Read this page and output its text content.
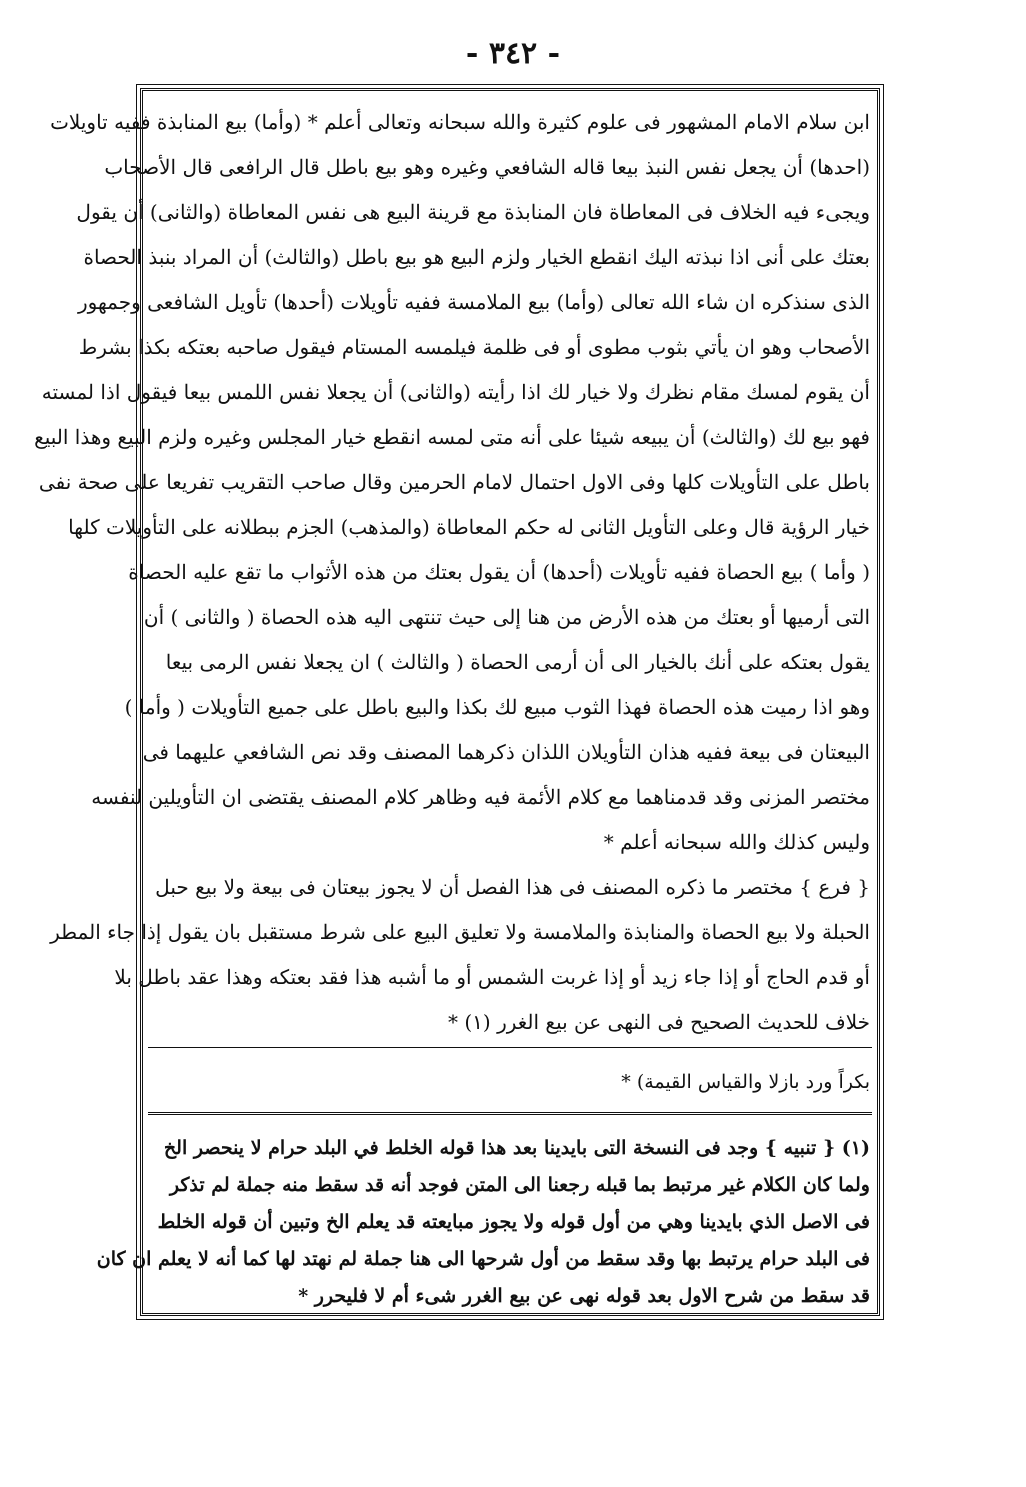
- ٣٤٢ -
ابن سلام الامام المشهور فى علوم كثيرة والله سبحانه وتعالى أعلم * (وأما) بيع المنابذة ففيه تاويلات
(احدها) أن يجعل نفس النبذ بيعا قاله الشافعي وغيره وهو بيع باطل قال الرافعى قال الأصحاب
ويجىء فيه الخلاف فى المعاطاة فان المنابذة مع قرينة البيع هى نفس المعاطاة (والثانى) أن يقول
بعتك على أنى اذا نبذته اليك انقطع الخيار ولزم البيع هو بيع باطل (والثالث) أن المراد بنبذ الحصاة
الذى سنذكره ان شاء الله تعالى (وأما) بيع الملامسة ففيه تأويلات (أحدها) تأويل الشافعى وجمهور
الأصحاب وهو ان يأتي بثوب مطوى أو فى ظلمة فيلمسه المستام فيقول صاحبه بعتكه بكذا بشرط
أن يقوم لمسك مقام نظرك ولا خيار لك اذا رأيته (والثانى) أن يجعلا نفس اللمس بيعا فيقول اذا لمسته
فهو بيع لك (والثالث) أن يبيعه شيئا على أنه متى لمسه انقطع خيار المجلس وغيره ولزم البيع وهذا البيع
باطل على التأويلات كلها وفى الاول احتمال لامام الحرمين وقال صاحب التقريب تفريعا على صحة نفى
خيار الرؤية قال وعلى التأويل الثانى له حكم المعاطاة (والمذهب) الجزم ببطلانه على التأويلات كلها
( وأما ) بيع الحصاة ففيه تأويلات (أحدها) أن يقول بعتك من هذه الأثواب ما تقع عليه الحصاة
التى أرميها أو بعتك من هذه الأرض من هنا إلى حيث تنتهى اليه هذه الحصاة ( والثانى ) أن
يقول بعتكه على أنك بالخيار الى أن أرمى الحصاة ( والثالث ) ان يجعلا نفس الرمى بيعا
وهو اذا رميت هذه الحصاة فهذا الثوب مبيع لك بكذا والبيع باطل على جميع التأويلات ( وأما )
البيعتان فى بيعة ففيه هذان التأويلان اللذان ذكرهما المصنف وقد نص الشافعي عليهما فى
مختصر المزنى وقد قدمناهما مع كلام الأئمة فيه وظاهر كلام المصنف يقتضى ان التأويلين لنفسه
وليس كذلك والله سبحانه أعلم *
{ فرع } مختصر ما ذكره المصنف فى هذا الفصل أن لا يجوز بيعتان فى بيعة ولا بيع حبل
الحبلة ولا بيع الحصاة والمنابذة والملامسة ولا تعليق البيع على شرط مستقبل بان يقول إذا جاء المطر
أو قدم الحاج أو إذا جاء زيد أو إذا غربت الشمس أو ما أشبه هذا فقد بعتكه وهذا عقد باطل بلا
خلاف للحديث الصحيح فى النهى عن بيع الغرر (١) *
بكراً ورد بازلا والقياس القيمة) *
(١) { تنبيه } وجد فى النسخة التى بايدينا بعد هذا قوله الخلط في البلد حرام لا ينحصر الخ
ولما كان الكلام غير مرتبط بما قبله رجعنا الى المتن فوجد أنه قد سقط منه جملة لم تذكر
فى الاصل الذي بايدينا وهي من أول قوله ولا يجوز مبايعته قد يعلم الخ وتبين أن قوله الخلط
فى البلد حرام يرتبط بها وقد سقط من أول شرحها الى هنا جملة لم نهتد لها كما أنه لا يعلم ان كان
قد سقط من شرح الاول بعد قوله نهى عن بيع الغرر شىء أم لا فليحرر *
